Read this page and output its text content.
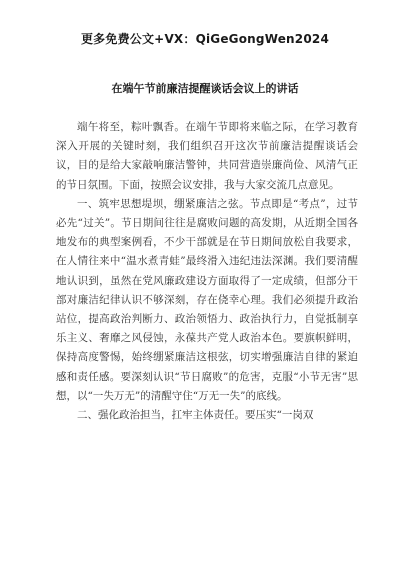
更多免费公文+VX：QiGeGongWen2024
在端午节前廉洁提醒谈话会议上的讲话

端午将至，粽叶飘香。在端午节即将来临之际，在学习教育深入开展的关键时刻，我们组织召开这次节前廉洁提醒谈话会议，目的是给大家敲响廉洁警钟，共同营造崇廉尚俭、风清气正的节日氛围。下面，按照会议安排，我与大家交流几点意见。

一、筑牢思想堤坝，绷紧廉洁之弦。节点即是“考点”，过节必先“过关”。节日期间往往是腐败问题的高发期，从近期全国各地发布的典型案例看，不少干部就是在节日期间放松自我要求，在人情往来中“温水煮青蛙”最终滑入违纪违法深渊。我们要清醒地认识到，虽然在党风廉政建设方面取得了一定成绩，但部分干部对廉洁纪律认识不够深刻，存在侥幸心理。我们必须提升政治站位，提高政治判断力、政治领悟力、政治执行力，自觉抵制享乐主义、奢靡之风侵蚀，永葆共产党人政治本色。要旗帜鲜明，保持高度警惕，始终绷紧廉洁这根弦，切实增强廉洁自律的紧迫感和责任感。要深刻认识“节日腐败”的危害，克服“小节无害”思想，以“一失万无”的清醒守住“万无一失”的底线。

二、强化政治担当，扛牢主体责任。要压实“一岗双
